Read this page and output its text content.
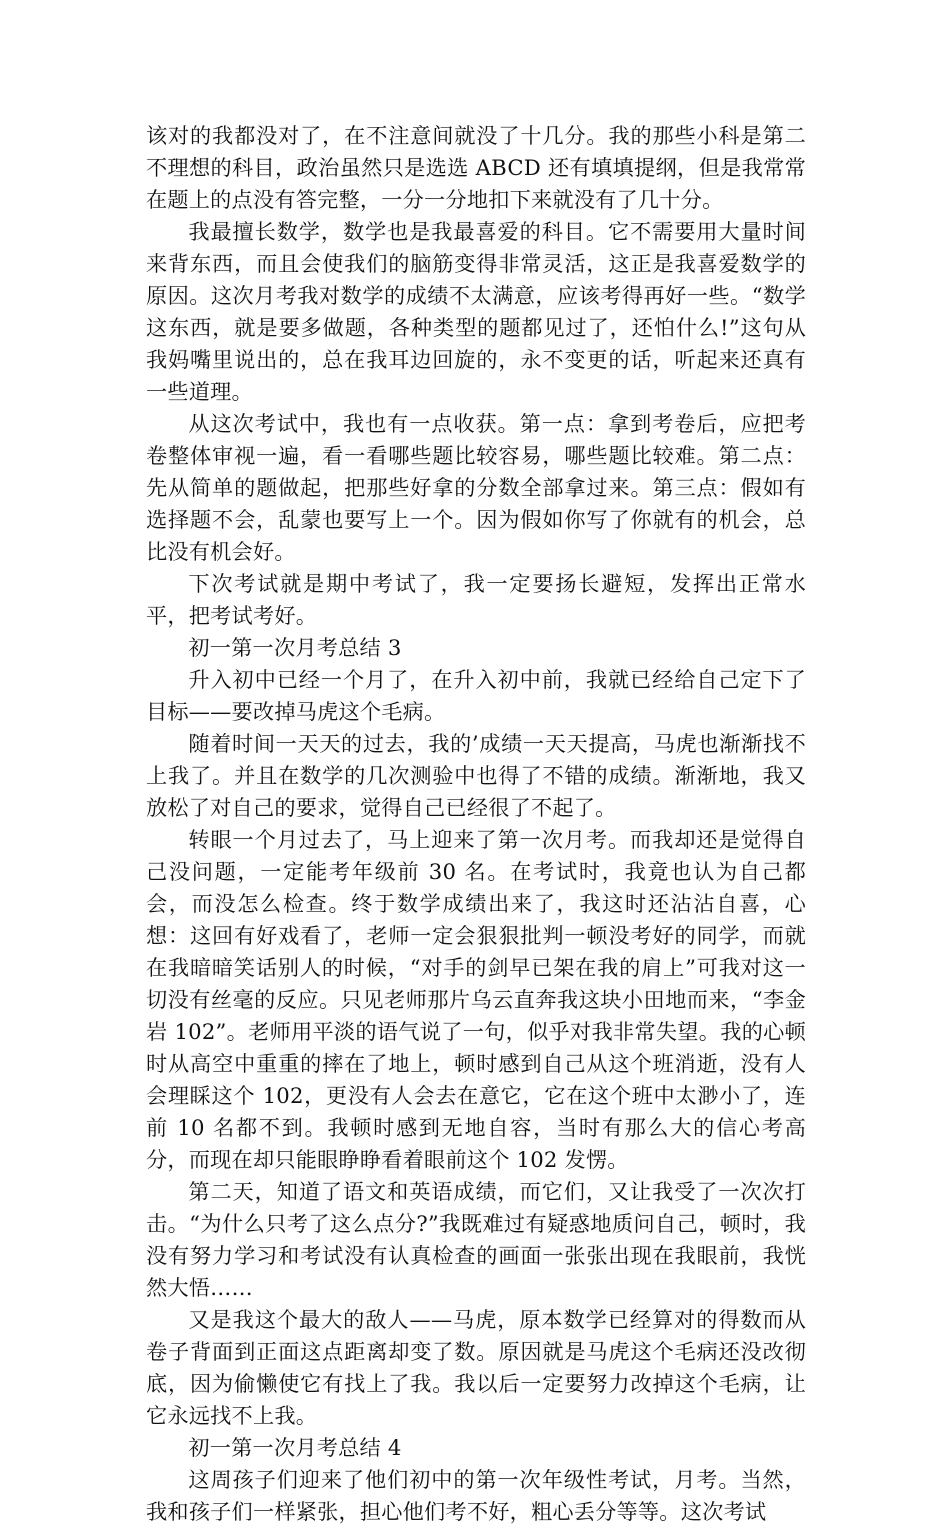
该对的我都没对了，在不注意间就没了十几分。我的那些小科是第二不理想的科目，政治虽然只是选选 ABCD 还有填填提纲，但是我常常在题上的点没有答完整，一分一分地扣下来就没有了几十分。

我最擅长数学，数学也是我最喜爱的科目。它不需要用大量时间来背东西，而且会使我们的脑筋变得非常灵活，这正是我喜爱数学的原因。这次月考我对数学的成绩不太满意，应该考得再好一些。“数学这东西，就是要多做题，各种类型的题都见过了，还怕什么!”这句从我妈嘴里说出的，总在我耳边回旋的，永不变更的话，听起来还真有一些道理。

从这次考试中，我也有一点收获。第一点：拿到考卷后，应把考卷整体审视一遍，看一看哪些题比较容易，哪些题比较难。第二点：先从简单的题做起，把那些好拿的分数全部拿过来。第三点：假如有选择题不会，乱蒙也要写上一个。因为假如你写了你就有的机会，总比没有机会好。

下次考试就是期中考试了，我一定要扬长避短，发挥出正常水平，把考试考好。

初一第一次月考总结 3

升入初中已经一个月了，在升入初中前，我就已经给自己定下了目标——要改掉马虎这个毛病。

随着时间一天天的过去，我的’成绩一天天提高，马虎也渐渐找不上我了。并且在数学的几次测验中也得了不错的成绩。渐渐地，我又放松了对自己的要求，觉得自己已经很了不起了。

转眼一个月过去了，马上迎来了第一次月考。而我却还是觉得自己没问题，一定能考年级前 30 名。在考试时，我竟也认为自己都会，而没怎么检查。终于数学成绩出来了，我这时还沾沾自喜，心想：这回有好戏看了，老师一定会狠狠批判一顿没考好的同学，而就在我暗暗笑话别人的时候，“对手的剑早已架在我的肩上”可我对这一切没有丝毫的反应。只见老师那片乌云直奔我这块小田地而来，“李金岩 102”。老师用平淡的语气说了一句，似乎对我非常失望。我的心顿时从高空中重重的摔在了地上，顿时感到自己从这个班消逝，没有人会理睬这个 102，更没有人会去在意它，它在这个班中太渺小了，连前 10 名都不到。我顿时感到无地自容，当时有那么大的信心考高分，而现在却只能眼睁睁看着眼前这个 102 发愣。

第二天，知道了语文和英语成绩，而它们，又让我受了一次次打击。“为什么只考了这么点分?”我既难过有疑惑地质问自己，顿时，我没有努力学习和考试没有认真检查的画面一张张出现在我眼前，我恍然大悟……

又是我这个最大的敌人——马虎，原本数学已经算对的得数而从卷子背面到正面这点距离却变了数。原因就是马虎这个毛病还没改彻底，因为偷懒使它有找上了我。我以后一定要努力改掉这个毛病，让它永远找不上我。

初一第一次月考总结 4

这周孩子们迎来了他们初中的第一次年级性考试，月考。当然，我和孩子们一样紧张，担心他们考不好，粗心丢分等等。这次考试
